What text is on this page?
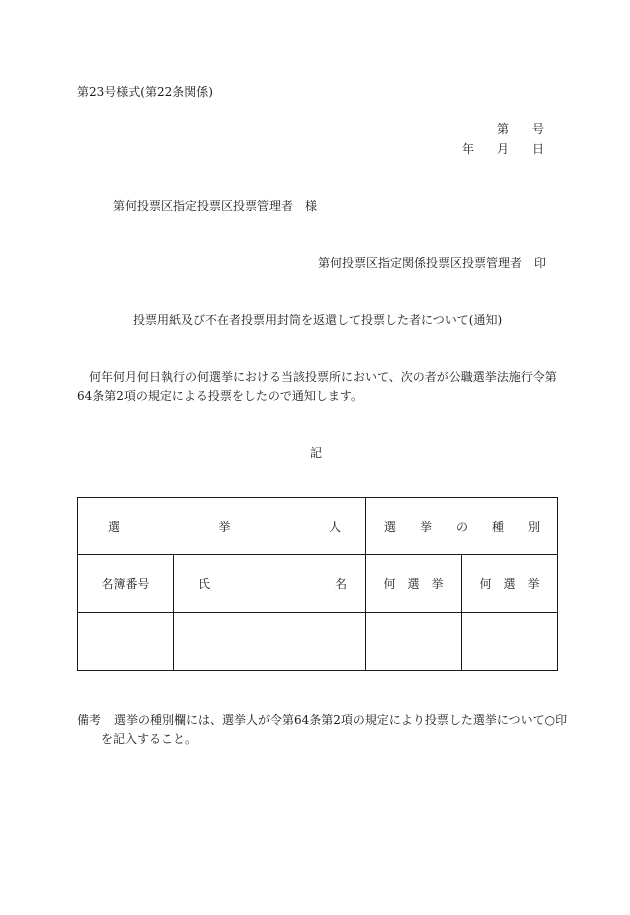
第23号様式(第22条関係)
第 号
年 月 日
第何投票区指定投票区投票管理者　様
第何投票区指定関係投票区投票管理者　印
投票用紙及び不在者投票用封筒を返還して投票した者について(通知)
何年何月何日執行の何選挙における当該投票所において、次の者が公職選挙法施行令第
64条第2項の規定による投票をしたので通知します。
記
選 挙 人		選 挙 の 種 別	

名簿番号	氏 名	何　選　挙	何　選　挙

備考 選挙の種別欄には、選挙人が令第64条第2項の規定により投票した選挙について○印
を記入すること。
